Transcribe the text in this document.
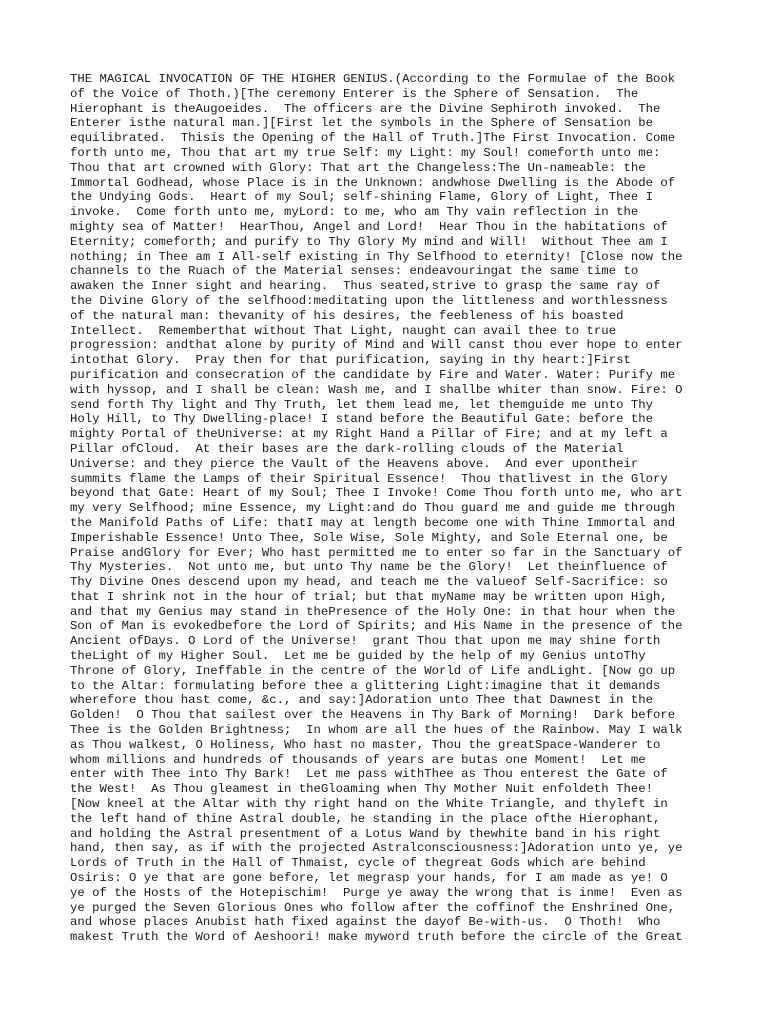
THE MAGICAL INVOCATION OF THE HIGHER GENIUS.(According to the Formulae of the Book
of the Voice of Thoth.)[The ceremony Enterer is the Sphere of Sensation.  The
Hierophant is theAugoeides.  The officers are the Divine Sephiroth invoked.  The
Enterer isthe natural man.][First let the symbols in the Sphere of Sensation be
equilibrated.  Thisis the Opening of the Hall of Truth.]The First Invocation. Come
forth unto me, Thou that art my true Self: my Light: my Soul! comeforth unto me:
Thou that art crowned with Glory: That art the Changeless:The Un-nameable: the
Immortal Godhead, whose Place is in the Unknown: andwhose Dwelling is the Abode of
the Undying Gods.  Heart of my Soul; self-shining Flame, Glory of Light, Thee I
invoke.  Come forth unto me, myLord: to me, who am Thy vain reflection in the
mighty sea of Matter!  HearThou, Angel and Lord!  Hear Thou in the habitations of
Eternity; comeforth; and purify to Thy Glory My mind and Will!  Without Thee am I
nothing; in Thee am I All-self existing in Thy Selfhood to eternity! [Close now the
channels to the Ruach of the Material senses: endeavouringat the same time to
awaken the Inner sight and hearing.  Thus seated,strive to grasp the same ray of
the Divine Glory of the selfhood:meditating upon the littleness and worthlessness
of the natural man: thevanity of his desires, the feebleness of his boasted
Intellect.  Rememberthat without That Light, naught can avail thee to true
progression: andthat alone by purity of Mind and Will canst thou ever hope to enter
intothat Glory.  Pray then for that purification, saying in thy heart:]First
purification and consecration of the candidate by Fire and Water. Water: Purify me
with hyssop, and I shall be clean: Wash me, and I shallbe whiter than snow. Fire: O
send forth Thy light and Thy Truth, let them lead me, let themguide me unto Thy
Holy Hill, to Thy Dwelling-place! I stand before the Beautiful Gate: before the
mighty Portal of theUniverse: at my Right Hand a Pillar of Fire; and at my left a
Pillar ofCloud.  At their bases are the dark-rolling clouds of the Material
Universe: and they pierce the Vault of the Heavens above.  And ever upontheir
summits flame the Lamps of their Spiritual Essence!  Thou thatlivest in the Glory
beyond that Gate: Heart of my Soul; Thee I Invoke! Come Thou forth unto me, who art
my very Selfhood; mine Essence, my Light:and do Thou guard me and guide me through
the Manifold Paths of Life: thatI may at length become one with Thine Immortal and
Imperishable Essence! Unto Thee, Sole Wise, Sole Mighty, and Sole Eternal one, be
Praise andGlory for Ever; Who hast permitted me to enter so far in the Sanctuary of
Thy Mysteries.  Not unto me, but unto Thy name be the Glory!  Let theinfluence of
Thy Divine Ones descend upon my head, and teach me the valueof Self-Sacrifice: so
that I shrink not in the hour of trial; but that myName may be written upon High,
and that my Genius may stand in thePresence of the Holy One: in that hour when the
Son of Man is evokedbefore the Lord of Spirits; and His Name in the presence of the
Ancient ofDays. O Lord of the Universe!  grant Thou that upon me may shine forth
theLight of my Higher Soul.  Let me be guided by the help of my Genius untoThy
Throne of Glory, Ineffable in the centre of the World of Life andLight. [Now go up
to the Altar: formulating before thee a glittering Light:imagine that it demands
wherefore thou hast come, &c., and say:]Adoration unto Thee that Dawnest in the
Golden!  O Thou that sailest over the Heavens in Thy Bark of Morning!  Dark before
Thee is the Golden Brightness;  In whom are all the hues of the Rainbow. May I walk
as Thou walkest, O Holiness, Who hast no master, Thou the greatSpace-Wanderer to
whom millions and hundreds of thousands of years are butas one Moment!  Let me
enter with Thee into Thy Bark!  Let me pass withThee as Thou enterest the Gate of
the West!  As Thou gleamest in theGloaming when Thy Mother Nuit enfoldeth Thee!
[Now kneel at the Altar with thy right hand on the White Triangle, and thyleft in
the left hand of thine Astral double, he standing in the place ofthe Hierophant,
and holding the Astral presentment of a Lotus Wand by thewhite band in his right
hand, then say, as if with the projected Astralconsciousness:]Adoration unto ye, ye
Lords of Truth in the Hall of Thmaist, cycle of thegreat Gods which are behind
Osiris: O ye that are gone before, let megrasp your hands, for I am made as ye! O
ye of the Hosts of the Hotepischim!  Purge ye away the wrong that is inme!  Even as
ye purged the Seven Glorious Ones who follow after the coffinof the Enshrined One,
and whose places Anubist hath fixed against the dayof Be-with-us.  O Thoth!  Who
makest Truth the Word of Aeshoori! make myword truth before the circle of the Great
